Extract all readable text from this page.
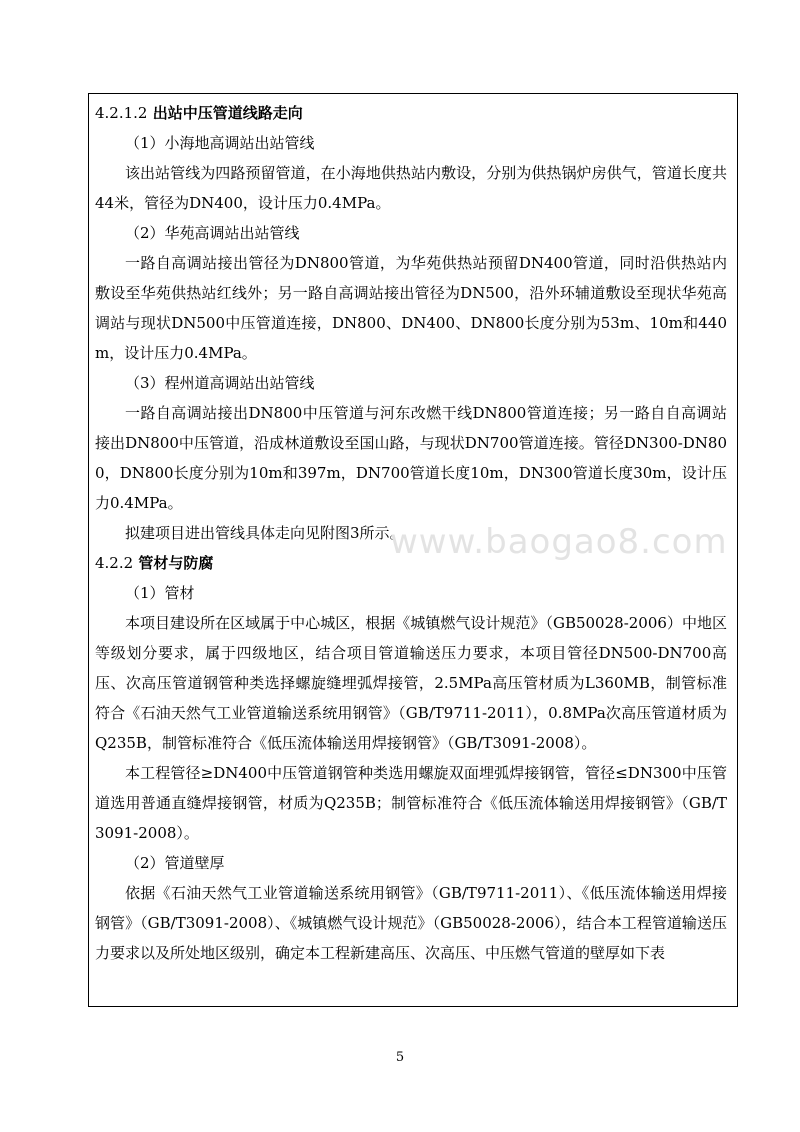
4.2.1.2 出站中压管道线路走向

（1）小海地高调站出站管线

该出站管线为四路预留管道，在小海地供热站内敷设，分别为供热锅炉房供气，管道长度共44米，管径为DN400，设计压力0.4MPa。

（2）华苑高调站出站管线

一路自高调站接出管径为DN800管道，为华苑供热站预留DN400管道，同时沿供热站内敷设至华苑供热站红线外；另一路自高调站接出管径为DN500，沿外环辅道敷设至现状华苑高调站与现状DN500中压管道连接，DN800、DN400、DN800长度分别为53m、10m和440m，设计压力0.4MPa。

（3）程州道高调站出站管线

一路自高调站接出DN800中压管道与河东改燃干线DN800管道连接；另一路自自高调站接出DN800中压管道，沿成林道敷设至国山路，与现状DN700管道连接。管径DN300-DN800，DN800长度分别为10m和397m，DN700管道长度10m，DN300管道长度30m，设计压力0.4MPa。

拟建项目进出管线具体走向见附图3所示。

4.2.2 管材与防腐

（1）管材

本项目建设所在区域属于中心城区，根据《城镇燃气设计规范》（GB50028-2006）中地区等级划分要求，属于四级地区，结合项目管道输送压力要求，本项目管径DN500-DN700高压、次高压管道钢管种类选择螺旋缝埋弧焊接管，2.5MPa高压管材质为L360MB，制管标准符合《石油天然气工业管道输送系统用钢管》（GB/T9711-2011），0.8MPa次高压管道材质为Q235B，制管标准符合《低压流体输送用焊接钢管》（GB/T3091-2008）。

本工程管径≥DN400中压管道钢管种类选用螺旋双面埋弧焊接钢管，管径≤DN300中压管道选用普通直缝焊接钢管，材质为Q235B；制管标准符合《低压流体输送用焊接钢管》（GB/T3091-2008）。

（2）管道壁厚

依据《石油天然气工业管道输送系统用钢管》（GB/T9711-2011）、《低压流体输送用焊接钢管》（GB/T3091-2008）、《城镇燃气设计规范》（GB50028-2006），结合本工程管道输送压力要求以及所处地区级别，确定本工程新建高压、次高压、中压燃气管道的壁厚如下表

www.baogao8.com
5
